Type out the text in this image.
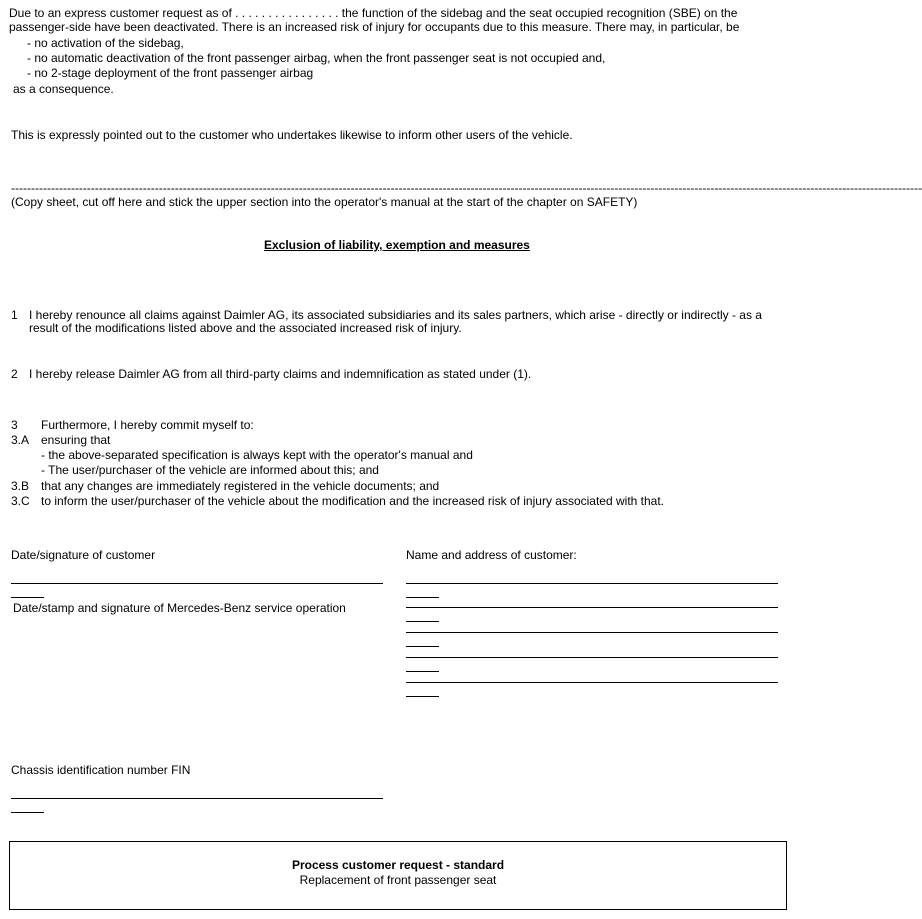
Due to an express customer request as of . . . . . . . . . . . . . . . . the function of the sidebag and the seat occupied recognition (SBE) on the
passenger-side have been deactivated. There is an increased risk of injury for occupants due to this measure. There may, in particular, be
- no activation of the sidebag,
- no automatic deactivation of the front passenger airbag, when the front passenger seat is not occupied and,
- no 2-stage deployment of the front passenger airbag
as a consequence.
This is expressly pointed out to the customer who undertakes likewise to inform other users of the vehicle.
------------------------------------------------------------------------------------------------------------------------------------------------------------------------------------------------------------------------------------
(Copy sheet, cut off here and stick the upper section into the operator's manual at the start of the chapter on SAFETY)
Exclusion of liability, exemption and measures
1 I hereby renounce all claims against Daimler AG, its associated subsidiaries and its sales partners, which arise - directly or indirectly - as a
result of the modifications listed above and the associated increased risk of injury.
2 I hereby release Daimler AG from all third-party claims and indemnification as stated under (1).
3 Furthermore, I hereby commit myself to:
3.A ensuring that
- the above-separated specification is always kept with the operator's manual and
- The user/purchaser of the vehicle are informed about this; and
3.B that any changes are immediately registered in the vehicle documents; and
3.C to inform the user/purchaser of the vehicle about the modification and the increased risk of injury associated with that.
Date/signature of customer	Name and address of customer:
Date/stamp and signature of Mercedes-Benz service operation
Chassis identification number FIN
Process customer request - standard
Replacement of front passenger seat
